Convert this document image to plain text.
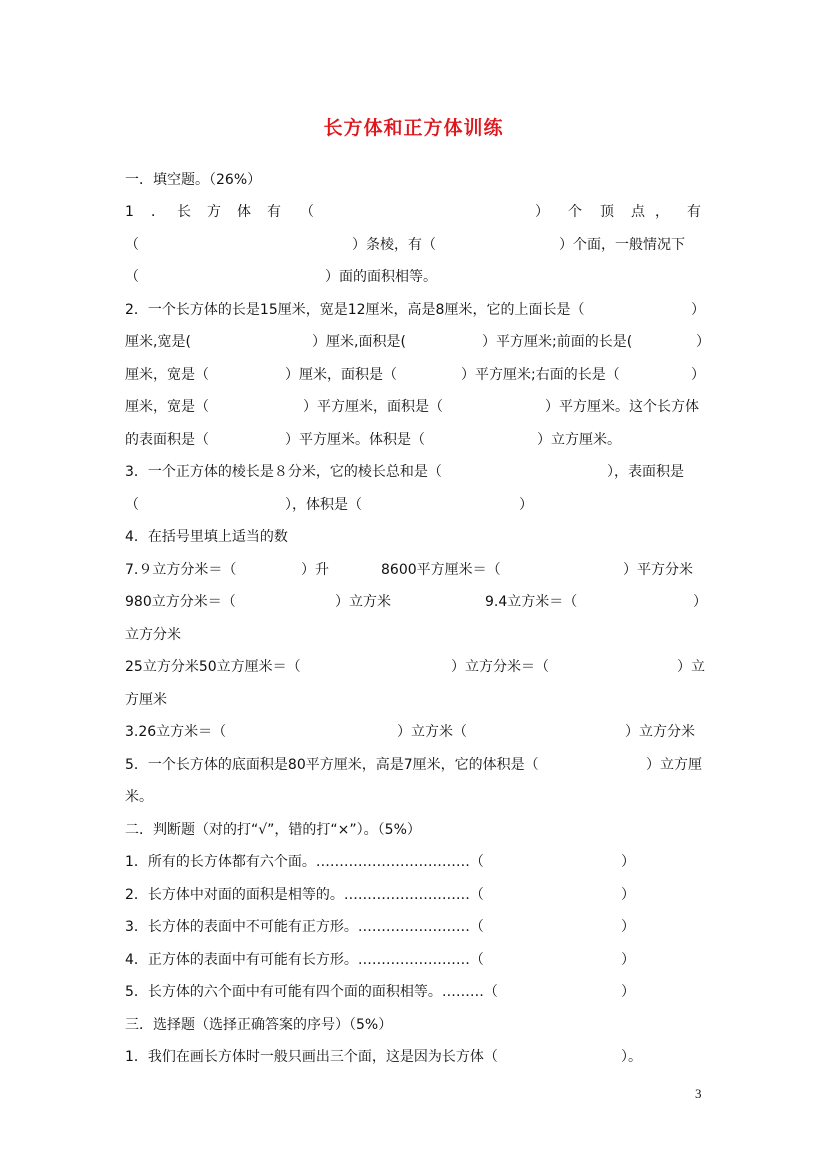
长方体和正方体训练
一．填空题。（26%）

1

．

长

方

体

有

（

	）

个

顶

点

，

有

（

	）条棱，有（

	）个面，一般情况下

（

	）面的面积相等。

2．一个长方体的长是15厘米，宽是12厘米，高是8厘米，它的上面长是（

	）

厘米,宽是(

	）厘米,面积是(

	）平方厘米;前面的长是(

	）

厘米，宽是（

	）厘米，面积是（

	）平方厘米;右面的长是（

	）

厘米，宽是（

	）平方厘米，面积是（

	）平方厘米。这个长方体

的表面积是（

	）平方厘米。体积是（

	）立方厘米。

3．一个正方体的棱长是８分米，它的棱长总和是（

	），表面积是

（

	），体积是（

	）

4．在括号里填上适当的数

7.９立方分米＝（

	）升

	8600平方厘米＝（

	）平方分米

980立方分米＝（

	）立方米

	9.4立方米＝（

	）

立方分米

25立方分米50立方厘米＝（

	）立方分米＝（

	）立

方厘米

3.26立方米＝（

	）立方米（

	）立方分米

5．一个长方体的底面积是80平方厘米，高是7厘米，它的体积是（

	）立方厘

米。
二．判断题（对的打“√”，错的打“×”）。（5%）

1．所有的长方体都有六个面。……………………………（

	）

2．长方体中对面的面积是相等的。………………………（

	）

3．长方体的表面中不可能有正方形。……………………（

	）

4．正方体的表面中有可能有长方形。……………………（

	）

5．长方体的六个面中有可能有四个面的面积相等。………（

	）

三．选择题（选择正确答案的序号）（5%）

1．我们在画长方体时一般只画出三个面，这是因为长方体（

	）。

3
